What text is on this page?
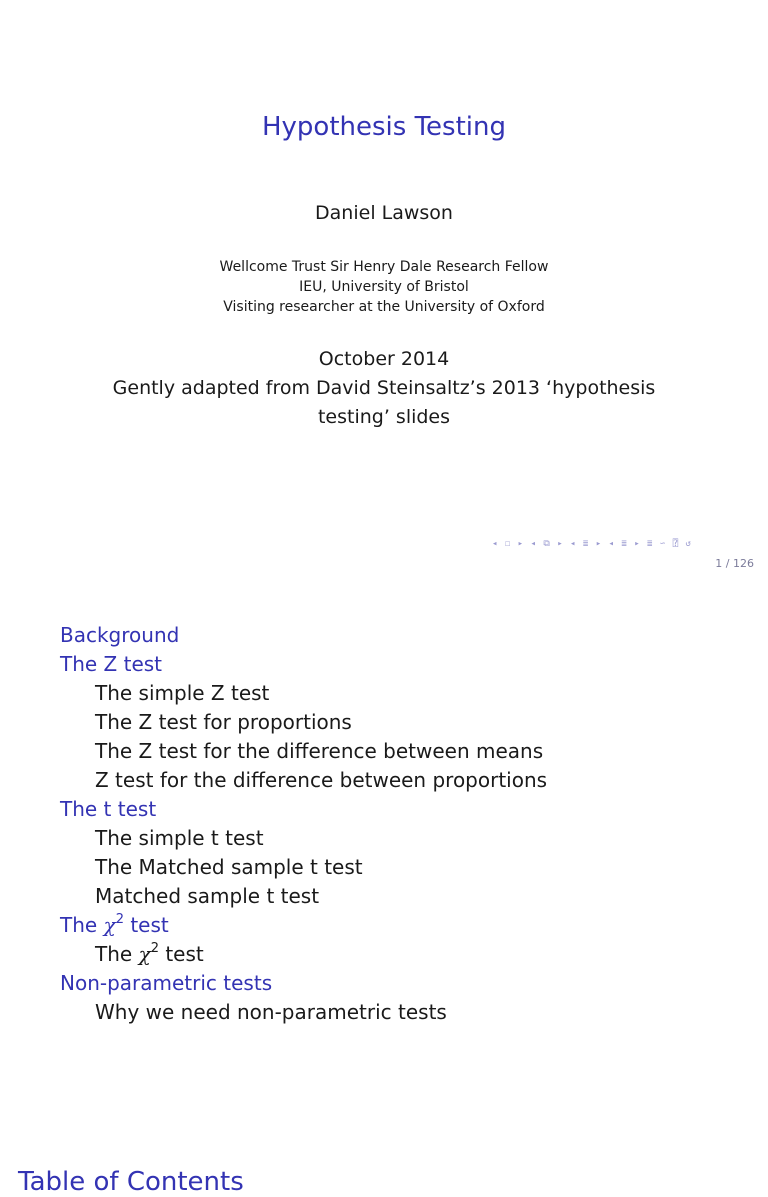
Hypothesis Testing
Daniel Lawson
Wellcome Trust Sir Henry Dale Research Fellow
IEU, University of Bristol
Visiting researcher at the University of Oxford
October 2014
Gently adapted from David Steinsaltz’s 2013 ‘hypothesis
testing’ slides
◂ ☐ ▸ ◂ ⧉ ▸ ◂ ≣ ▸ ◂ ≣ ▸ ≣ ∽ ⍰ ↺
1 / 126
Table of Contents
Background
The Z test
The simple Z test
The Z test for proportions
The Z test for the difference between means
Z test for the difference between proportions
The t test
The simple t test
The Matched sample t test
Matched sample t test
The $\chi^2$ test
The $\chi^2$ test
Non-parametric tests
Why we need non-parametric tests
